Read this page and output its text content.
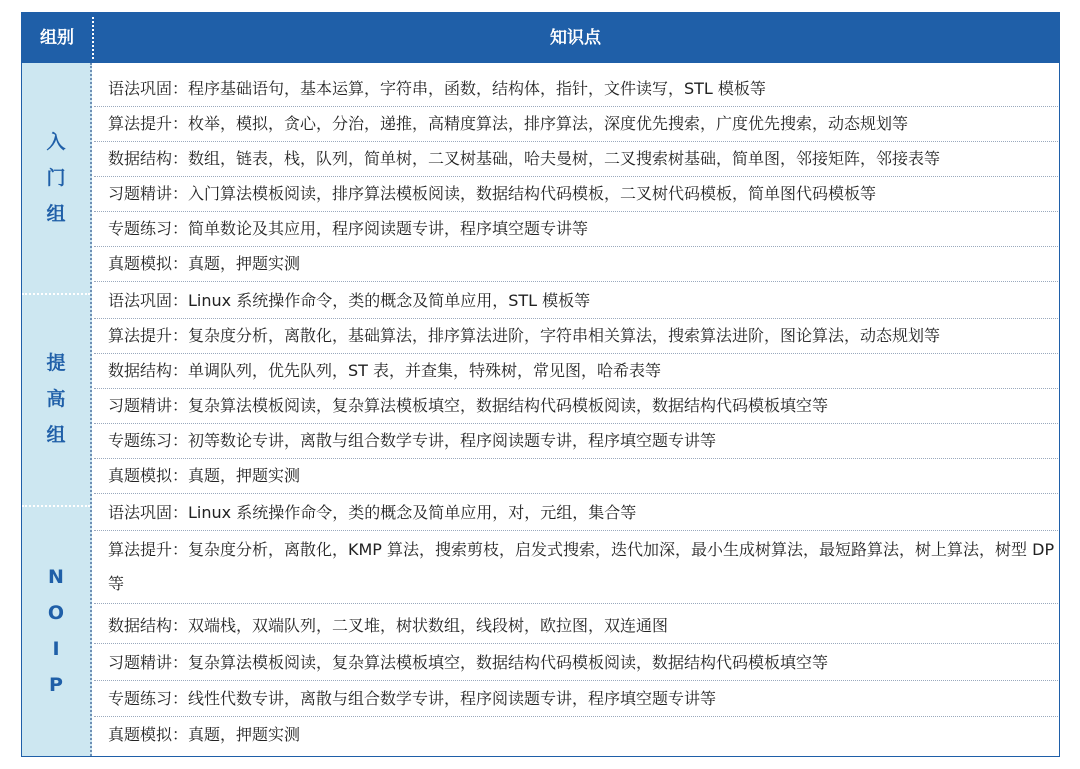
组别	知识点
入
门
组
提
高
组
N
O
I
P
语法巩固：程序基础语句，基本运算，字符串，函数，结构体，指针，文件读写，STL 模板等
算法提升：枚举，模拟，贪心，分治，递推，高精度算法，排序算法，深度优先搜索，广度优先搜索，动态规划等
数据结构：数组，链表，栈，队列，简单树，二叉树基础，哈夫曼树，二叉搜索树基础，简单图，邻接矩阵，邻接表等
习题精讲：入门算法模板阅读，排序算法模板阅读，数据结构代码模板，二叉树代码模板，简单图代码模板等
专题练习：简单数论及其应用，程序阅读题专讲，程序填空题专讲等
真题模拟：真题，押题实测
语法巩固：Linux 系统操作命令，类的概念及简单应用，STL 模板等
算法提升：复杂度分析，离散化，基础算法，排序算法进阶，字符串相关算法，搜索算法进阶，图论算法，动态规划等
数据结构：单调队列，优先队列，ST 表，并查集，特殊树，常见图，哈希表等
习题精讲：复杂算法模板阅读，复杂算法模板填空，数据结构代码模板阅读，数据结构代码模板填空等
专题练习：初等数论专讲，离散与组合数学专讲，程序阅读题专讲，程序填空题专讲等
真题模拟：真题，押题实测
语法巩固：Linux 系统操作命令，类的概念及简单应用，对，元组，集合等
算法提升：复杂度分析，离散化，KMP 算法，搜索剪枝，启发式搜索，迭代加深，最小生成树算法，最短路算法，树上算法，树型 DP 等
数据结构：双端栈，双端队列，二叉堆，树状数组，线段树，欧拉图，双连通图
习题精讲：复杂算法模板阅读，复杂算法模板填空，数据结构代码模板阅读，数据结构代码模板填空等
专题练习：线性代数专讲，离散与组合数学专讲，程序阅读题专讲，程序填空题专讲等
真题模拟：真题，押题实测
